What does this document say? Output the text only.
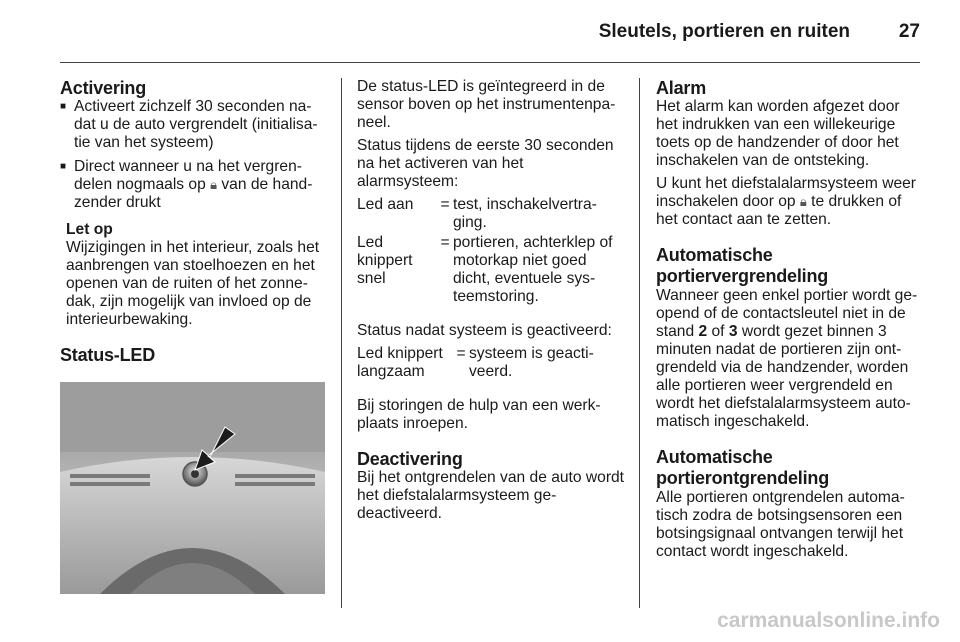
Sleutels, portieren en ruiten	27
Activering
■ Activeert zichzelf 30 seconden na-dat u de auto vergrendelt (initialisa-tie van het systeem)
■ Direct wanneer u na het vergren-delen nogmaals op 🔒︎ van de hand-zender drukt
Let op
Wijzigingen in het interieur, zoals het aanbrengen van stoelhoezen en het openen van de ruiten of het zonne-dak, zijn mogelijk van invloed op de interieurbewaking.
Status-LED

De status-LED is geïntegreerd in de sensor boven op het instrumentenpa-neel.

Status tijdens de eerste 30 seconden na het activeren van het alarmsysteem:

Led aan	= test, inschakelvertra-ging.
Led knippert snel
= portieren, achterklep of motorkap niet goed dicht, eventuele sys-teemstoring.

Status nadat systeem is geactiveerd:

Led knippert langzaam
= systeem is geacti-veerd.

Bij storingen de hulp van een werk-plaats inroepen.

Deactivering

Bij het ontgrendelen van de auto wordt het diefstalalarmsysteem ge-deactiveerd.

Alarm

Het alarm kan worden afgezet door het indrukken van een willekeurige toets op de handzender of door het inschakelen van de ontsteking.

U kunt het diefstalalarmsysteem weer inschakelen door op 🔒︎ te drukken of het contact aan te zetten.

Automatische portiervergrendeling

Wanneer geen enkel portier wordt ge-opend of de contactsleutel niet in de stand 2 of 3 wordt gezet binnen 3 minuten nadat de portieren zijn ont-grendeld via de handzender, worden alle portieren weer vergrendeld en wordt het diefstalalarmsysteem auto-matisch ingeschakeld.

Automatische portierontgrendeling

Alle portieren ontgrendelen automa-tisch zodra de botsingsensoren een botsingsignaal ontvangen terwijl het contact wordt ingeschakeld.

carmanualsonline.info
